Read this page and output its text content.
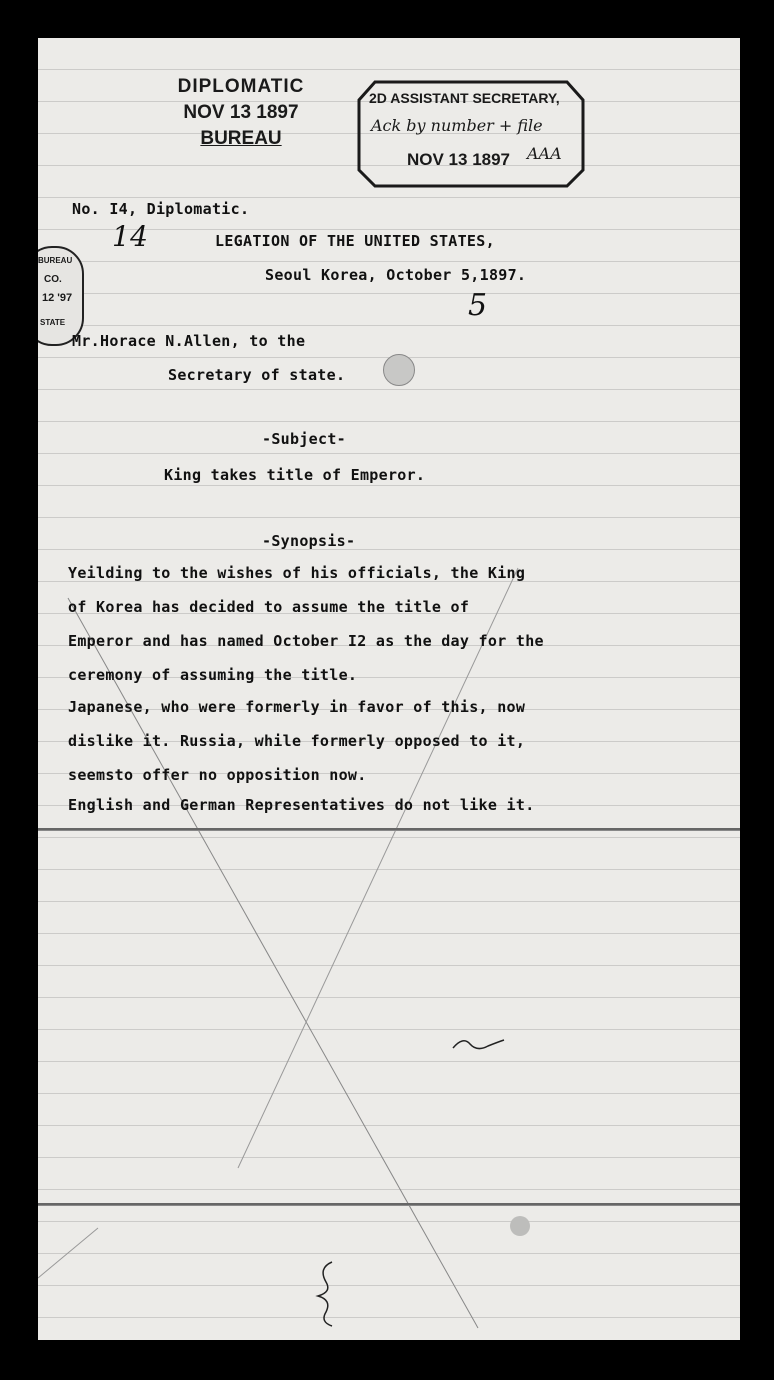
DIPLOMATIC
NOV 13 1897
BUREAU
2D ASSISTANT SECRETARY,
Ack by number + file
NOV 13 1897 AAA
BUREAU
CO.
12 '97
STATE
14
5
No. I4, Diplomatic.
LEGATION OF THE UNITED STATES,
Seoul Korea, October 5,1897.
Mr.Horace N.Allen, to the
Secretary of state.
-Subject-
King takes title of Emperor.
-Synopsis-
Yeilding to the wishes of his officials, the King
of Korea has decided to assume the title of
Emperor and has named October I2 as the day for the
ceremony of assuming the title.
Japanese, who were formerly in favor of this, now
dislike it. Russia, while formerly opposed to it,
seemsto offer no opposition now.
English and German Representatives do not like it.
